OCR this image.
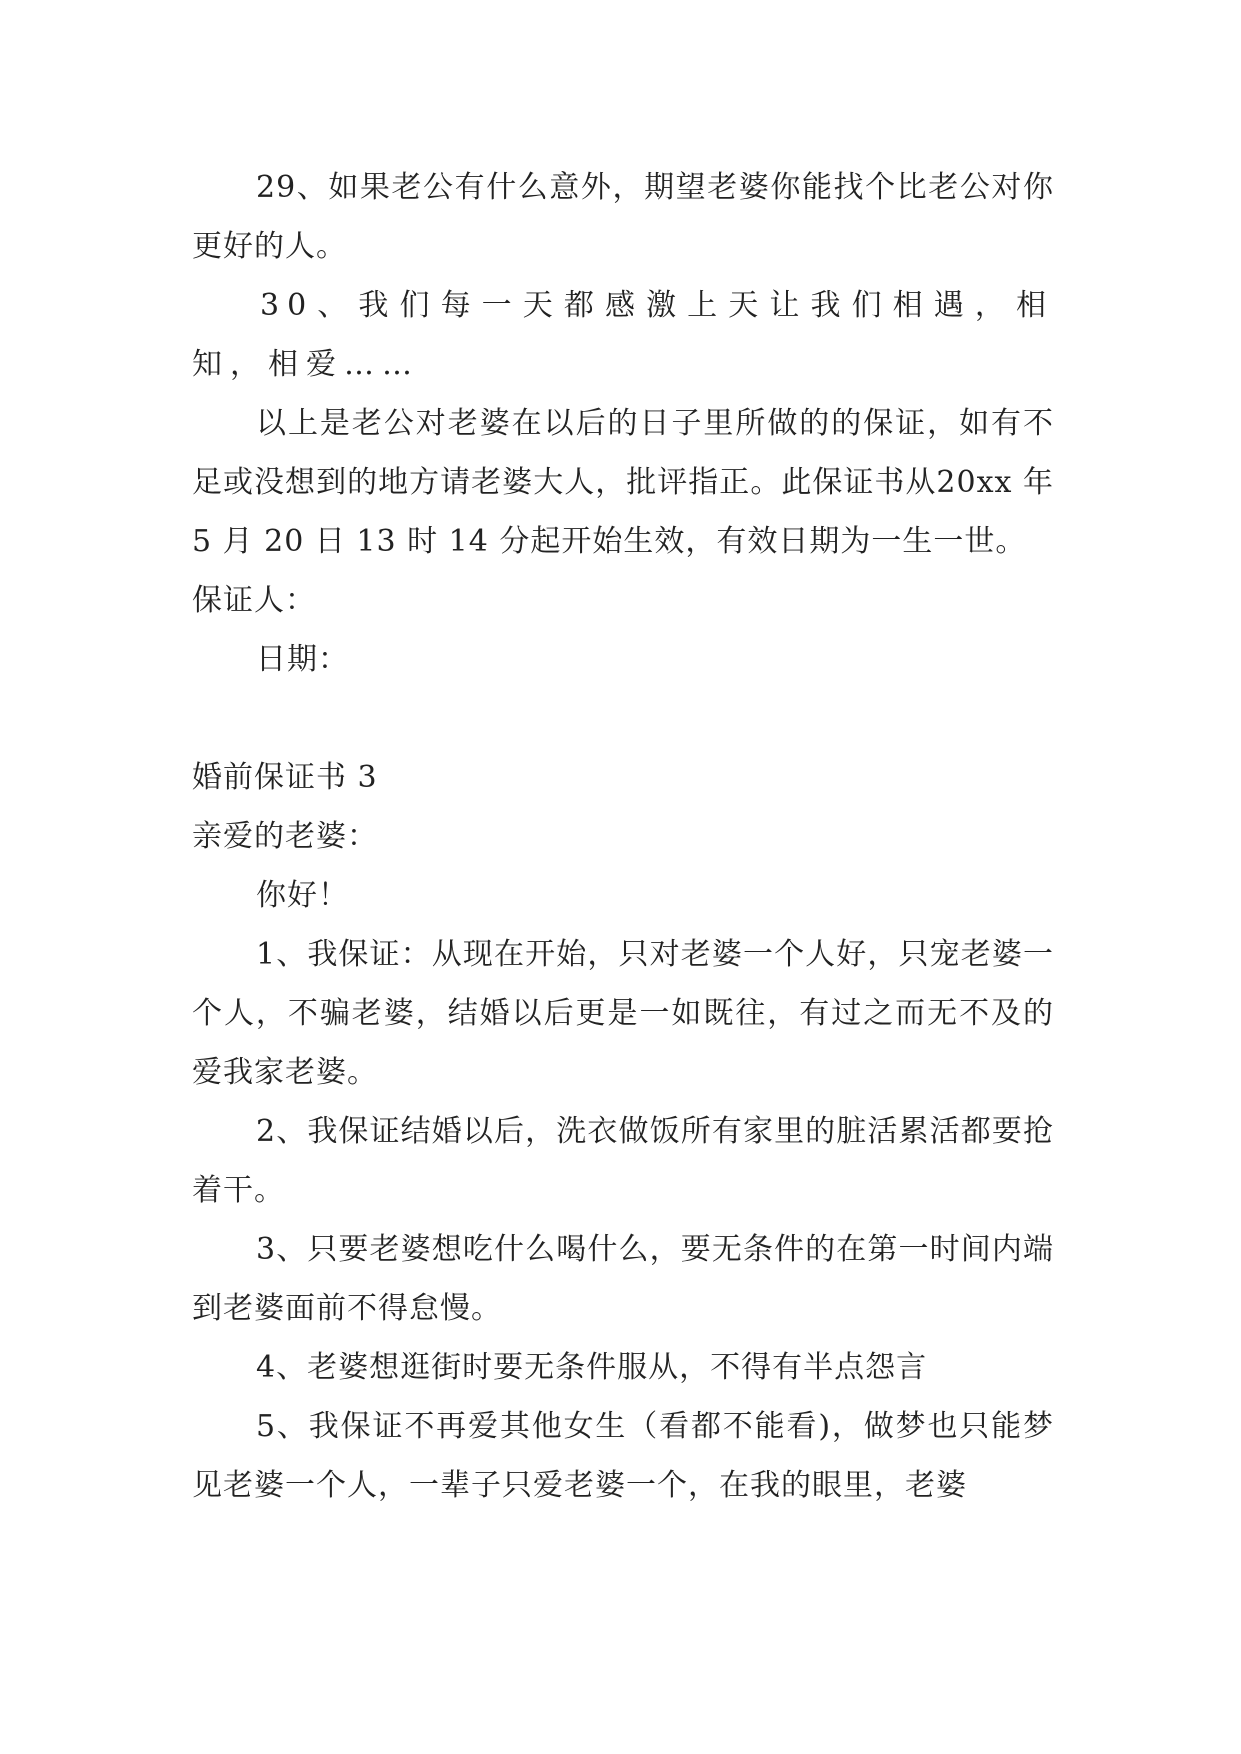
29、如果老公有什么意外，期望老婆你能找个比老公对你更好的人。

30、我们每一天都感激上天让我们相遇，相知，相爱……

以上是老公对老婆在以后的日子里所做的的保证，如有不足或没想到的地方请老婆大人，批评指正。此保证书从20xx 年 5 月 20 日 13 时 14 分起开始生效，有效日期为一生一世。

保证人：

日期：

婚前保证书 3

亲爱的老婆：

你好！

1、我保证：从现在开始，只对老婆一个人好，只宠老婆一个人，不骗老婆，结婚以后更是一如既往，有过之而无不及的爱我家老婆。

2、我保证结婚以后，洗衣做饭所有家里的脏活累活都要抢着干。

3、只要老婆想吃什么喝什么，要无条件的在第一时间内端到老婆面前不得怠慢。

4、老婆想逛街时要无条件服从，不得有半点怨言

5、我保证不再爱其他女生（看都不能看)，做梦也只能梦见老婆一个人，一辈子只爱老婆一个，在我的眼里，老婆
